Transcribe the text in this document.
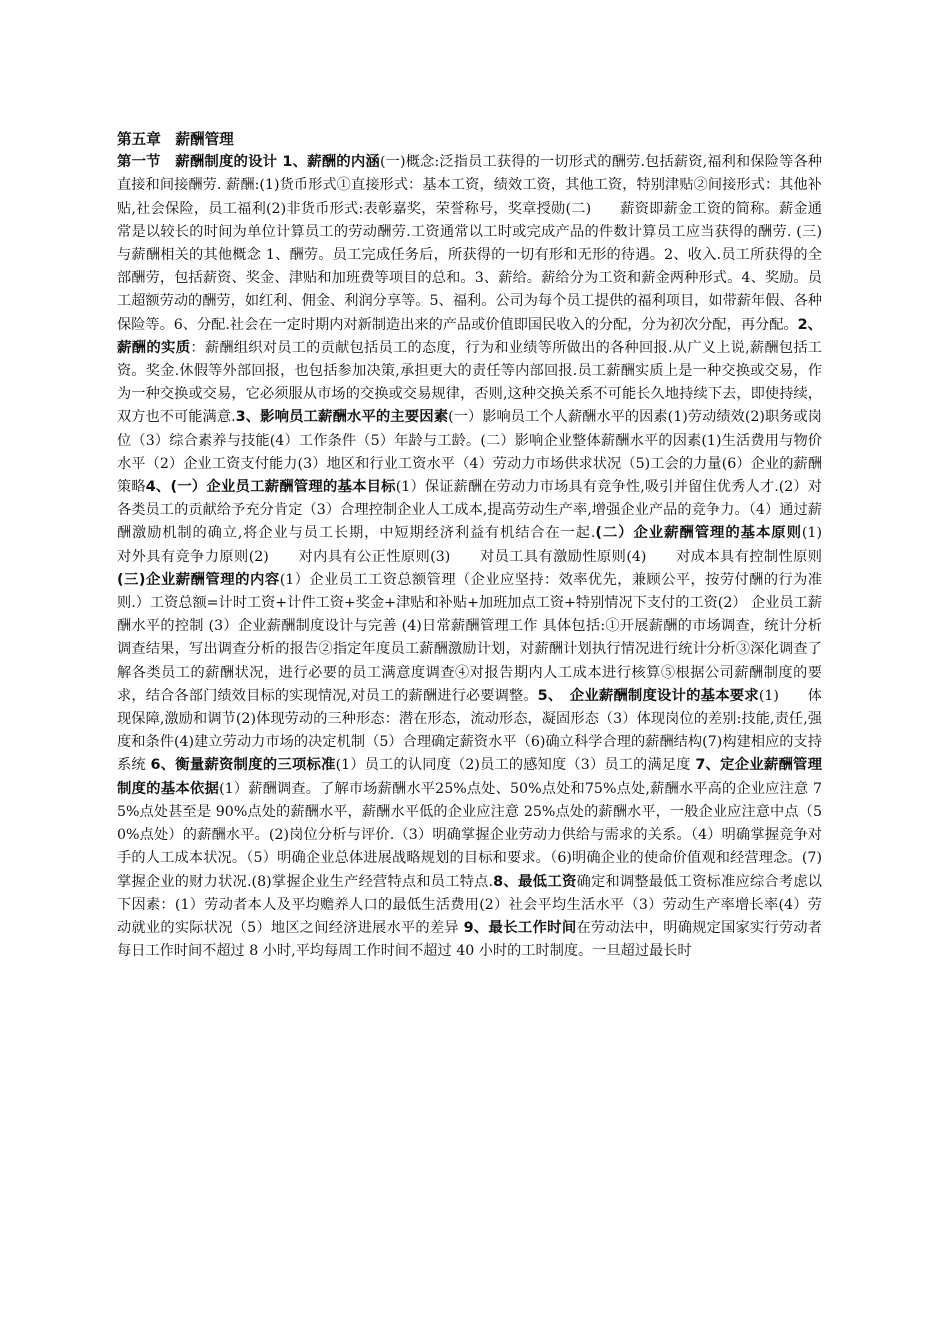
第五章　薪酬管理

第一节　薪酬制度的设计 1、薪酬的内涵(一)概念:泛指员工获得的一切形式的酬劳.包括薪资,福利和保险等各种直接和间接酬劳. 薪酬:(1)货币形式①直接形式：基本工资，绩效工资，其他工资，特别津贴②间接形式：其他补贴,社会保险，员工福利(2)非货币形式:表彰嘉奖，荣誉称号，奖章授勋(二)　　薪资即薪金工资的简称。薪金通常是以较长的时间为单位计算员工的劳动酬劳.工资通常以工时或完成产品的件数计算员工应当获得的酬劳. (三)与薪酬相关的其他概念 1、酬劳。员工完成任务后，所获得的一切有形和无形的待遇。2、收入.员工所获得的全部酬劳，包括薪资、奖金、津贴和加班费等项目的总和。3、薪给。薪给分为工资和薪金两种形式。4、奖励。员工超额劳动的酬劳，如红利、佣金、利润分享等。5、福利。公司为每个员工提供的福利项目，如带薪年假、各种保险等。6、分配.社会在一定时期内对新制造出来的产品或价值即国民收入的分配，分为初次分配，再分配。2、薪酬的实质：薪酬组织对员工的贡献包括员工的态度，行为和业绩等所做出的各种回报.从广义上说,薪酬包括工资。奖金.休假等外部回报，也包括参加决策,承担更大的责任等内部回报.员工薪酬实质上是一种交换或交易，作为一种交换或交易，它必须服从市场的交换或交易规律，否则,这种交换关系不可能长久地持续下去，即使持续，双方也不可能满意.3、影响员工薪酬水平的主要因素(一）影响员工个人薪酬水平的因素(1)劳动绩效(2)职务或岗位（3）综合素养与技能(4）工作条件（5）年龄与工龄。(二）影响企业整体薪酬水平的因素(1)生活费用与物价水平（2）企业工资支付能力(3）地区和行业工资水平（4）劳动力市场供求状况（5)工会的力量(6）企业的薪酬策略4、(一）企业员工薪酬管理的基本目标(1）保证薪酬在劳动力市场具有竞争性,吸引并留住优秀人才.(2）对各类员工的贡献给予充分肯定（3）合理控制企业人工成本,提高劳动生产率,增强企业产品的竞争力。（4）通过薪酬激励机制的确立,将企业与员工长期，中短期经济利益有机结合在一起.(二）企业薪酬管理的基本原则(1)　　对外具有竞争力原则(2)　　对内具有公正性原则(3)　　对员工具有激励性原则(4)　　对成本具有控制性原则(三)企业薪酬管理的内容(1）企业员工工资总额管理（企业应坚持：效率优先，兼顾公平，按劳付酬的行为准则.）工资总额=计时工资+计件工资+奖金+津贴和补贴+加班加点工资+特别情况下支付的工资(2） 企业员工薪酬水平的控制 (3）企业薪酬制度设计与完善 (4)日常薪酬管理工作 具体包括:①开展薪酬的市场调查，统计分析调查结果，写出调查分析的报告②指定年度员工薪酬激励计划，对薪酬计划执行情况进行统计分析③深化调查了解各类员工的薪酬状况，进行必要的员工满意度调查④对报告期内人工成本进行核算⑤根据公司薪酬制度的要求，结合各部门绩效目标的实现情况,对员工的薪酬进行必要调整。5、　企业薪酬制度设计的基本要求(1)　　体现保障,激励和调节(2)体现劳动的三种形态：潜在形态，流动形态，凝固形态（3）体现岗位的差别:技能,责任,强度和条件(4)建立劳动力市场的决定机制（5）合理确定薪资水平（6)确立科学合理的薪酬结构(7)构建相应的支持系统 6、衡量薪资制度的三项标准(1）员工的认同度（2)员工的感知度（3）员工的满足度 7、定企业薪酬管理制度的基本依据(1）薪酬调查。了解市场薪酬水平25%点处、50%点处和75%点处,薪酬水平高的企业应注意 75%点处甚至是 90%点处的薪酬水平，薪酬水平低的企业应注意 25%点处的薪酬水平，一般企业应注意中点（50%点处）的薪酬水平。(2)岗位分析与评价.（3）明确掌握企业劳动力供给与需求的关系。（4）明确掌握竞争对手的人工成本状况。（5）明确企业总体进展战略规划的目标和要求。（6)明确企业的使命价值观和经营理念。(7)掌握企业的财力状况.(8)掌握企业生产经营特点和员工特点.8、最低工资确定和调整最低工资标准应综合考虑以下因素：(1）劳动者本人及平均赡养人口的最低生活费用(2）社会平均生活水平（3）劳动生产率增长率(4）劳动就业的实际状况（5）地区之间经济进展水平的差异 9、最长工作时间在劳动法中，明确规定国家实行劳动者每日工作时间不超过 8 小时,平均每周工作时间不超过 40 小时的工时制度。一旦超过最长时
